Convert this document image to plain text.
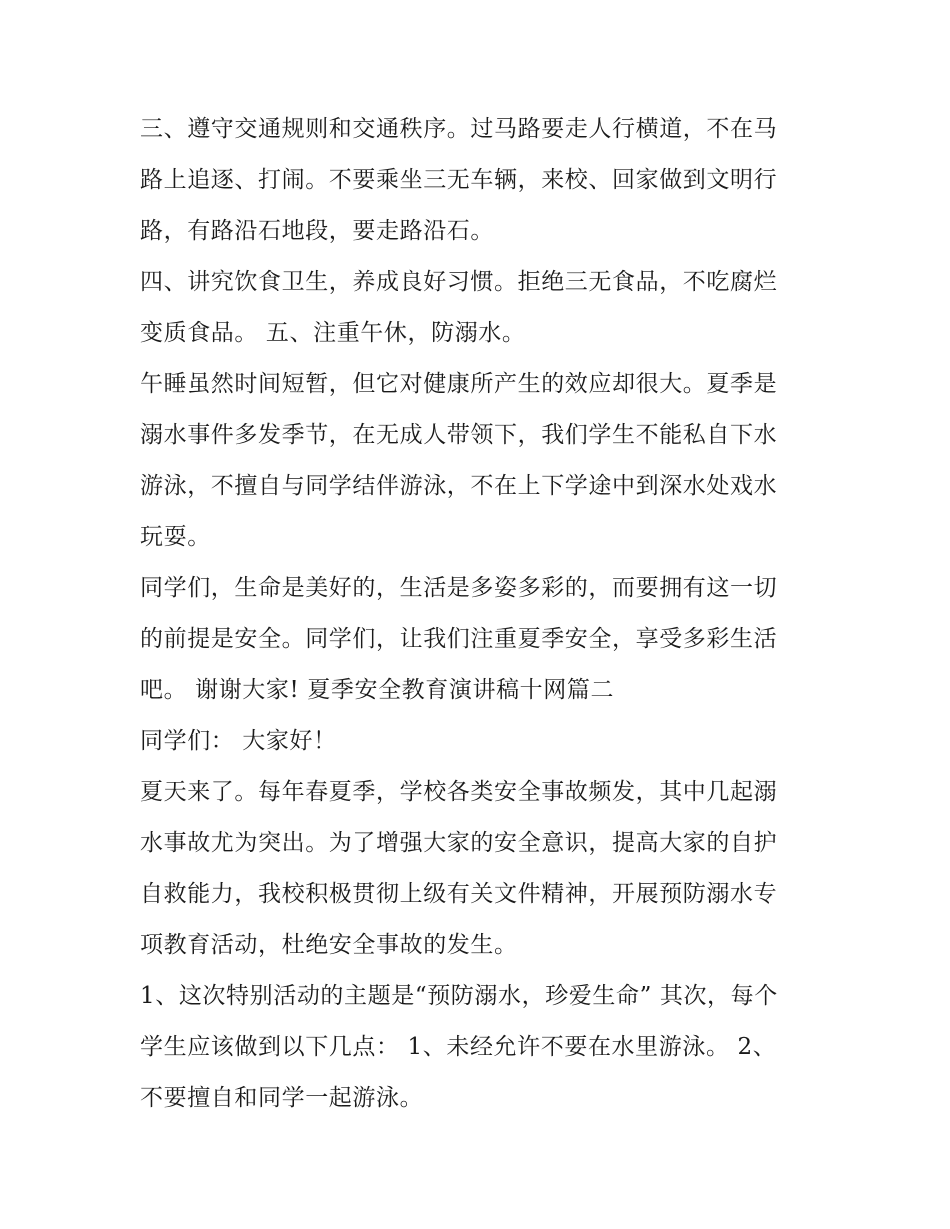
三、遵守交通规则和交通秩序。过马路要走人行横道，不在马
路上追逐、打闹。不要乘坐三无车辆，来校、回家做到文明行
路，有路沿石地段，要走路沿石。
四、讲究饮食卫生，养成良好习惯。拒绝三无食品，不吃腐烂
变质食品。 五、注重午休，防溺水。
午睡虽然时间短暂，但它对健康所产生的效应却很大。夏季是
溺水事件多发季节，在无成人带领下，我们学生不能私自下水
游泳，不擅自与同学结伴游泳，不在上下学途中到深水处戏水
玩耍。
同学们，生命是美好的，生活是多姿多彩的，而要拥有这一切
的前提是安全。同学们，让我们注重夏季安全，享受多彩生活
吧。 谢谢大家! 夏季安全教育演讲稿十网篇二
同学们： 大家好！
夏天来了。每年春夏季，学校各类安全事故频发，其中几起溺
水事故尤为突出。为了增强大家的安全意识，提高大家的自护
自救能力，我校积极贯彻上级有关文件精神，开展预防溺水专
项教育活动，杜绝安全事故的发生。
1、这次特别活动的主题是“预防溺水，珍爱生命” 其次，每个
学生应该做到以下几点： 1、未经允许不要在水里游泳。 2、
不要擅自和同学一起游泳。
